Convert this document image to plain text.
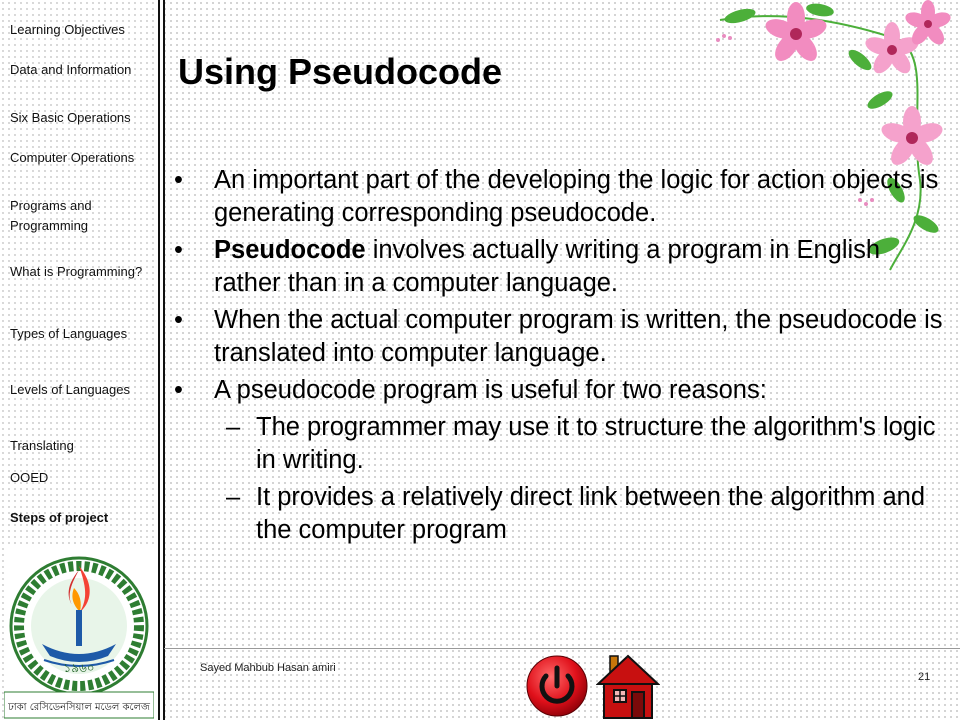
Learning Objectives
Data and Information
Six Basic Operations
Computer Operations
Programs and Programming
What is Programming?
Types of Languages
Levels of Languages
Translating
OOED
Steps of project
১৯৬০
ঢাকা রেসিডেনসিয়াল মডেল কলেজ
Using Pseudocode
• An important part of the developing the logic for action objects is generating corresponding pseudocode.
• Pseudocode involves actually writing a program in English rather than in a computer language.
• When the actual computer program is written, the pseudocode is translated into computer language.
• A pseudocode program is useful for two reasons:
– The programmer may use it to structure the algorithm's logic in writing.
– It provides a relatively direct link between the algorithm and the computer program
Sayed Mahbub Hasan amiri
21
